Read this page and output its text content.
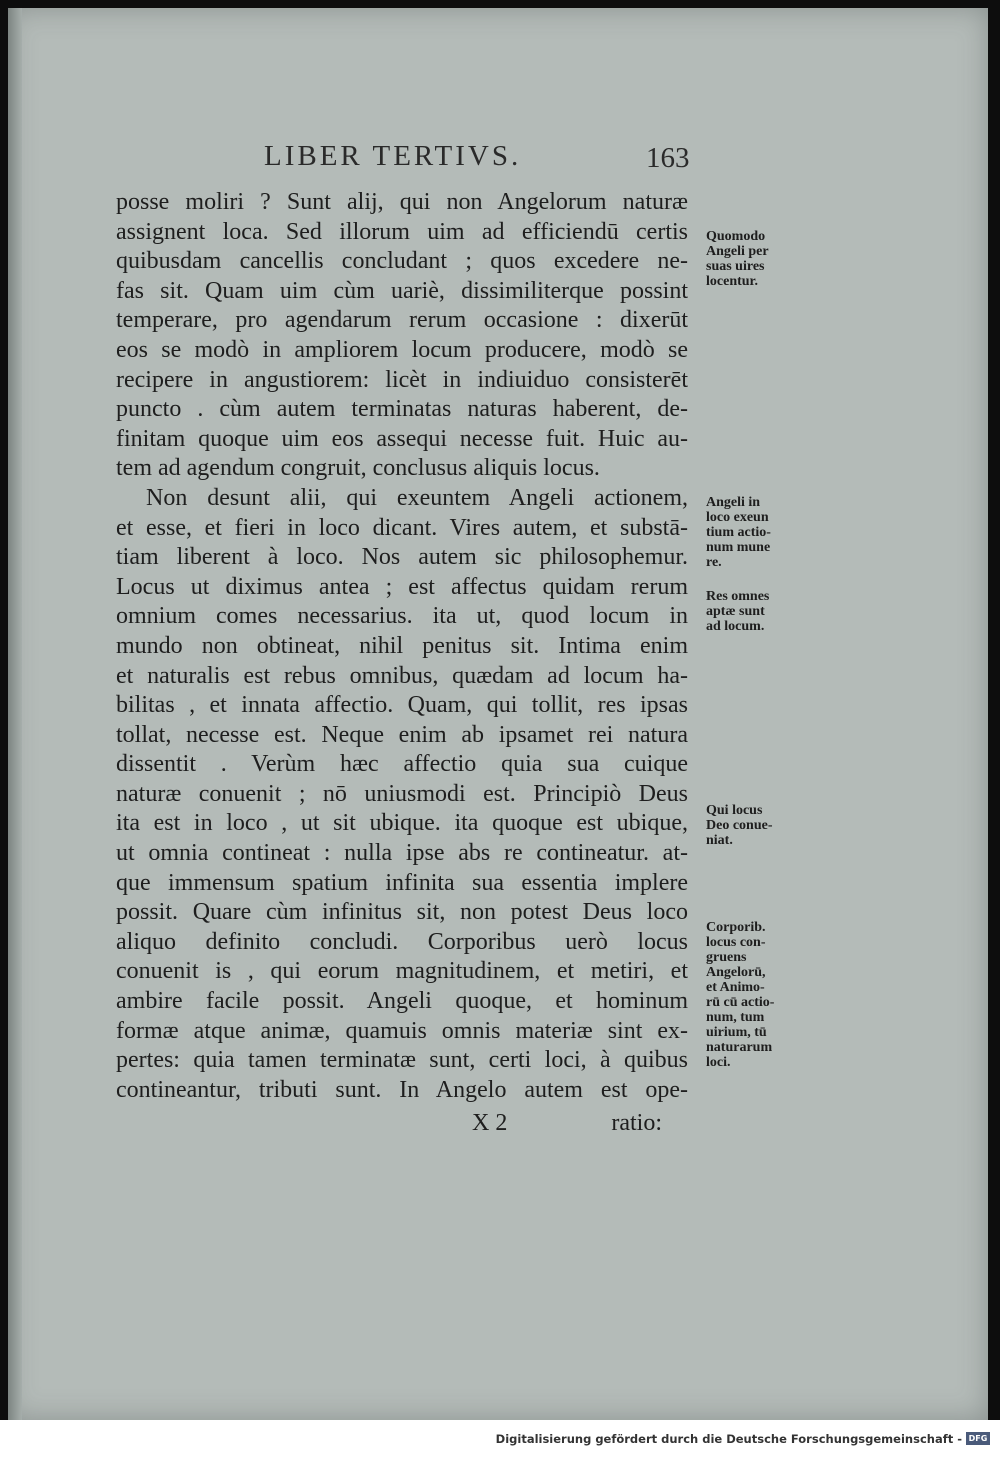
LIBER TERTIVS.	163
posse moliri ? Sunt alij, qui non Angelorum naturæ
assignent loca. Sed illorum uim ad efficiendū certis
quibusdam cancellis concludant ; quos excedere ne-
fas sit. Quam uim cùm uariè, dissimiliterque possint
temperare, pro agendarum rerum occasione : dixerūt
eos se modò in ampliorem locum producere, modò se
recipere in angustiorem: licèt in indiuiduo consisterēt
puncto . cùm autem terminatas naturas haberent, de-
finitam quoque uim eos assequi necesse fuit. Huic au-
tem ad agendum congruit, conclusus aliquis locus.
Non desunt alii, qui exeuntem Angeli actionem,
et esse, et fieri in loco dicant. Vires autem, et substā-
tiam liberent à loco. Nos autem sic philosophemur.
Locus ut diximus antea ; est affectus quidam rerum
omnium comes necessarius. ita ut, quod locum in
mundo non obtineat, nihil penitus sit. Intima enim
et naturalis est rebus omnibus, quædam ad locum ha-
bilitas , et innata affectio. Quam, qui tollit, res ipsas
tollat, necesse est. Neque enim ab ipsamet rei natura
dissentit . Verùm hæc affectio quia sua cuique
naturæ conuenit ; nō uniusmodi est. Principiò Deus
ita est in loco , ut sit ubique. ita quoque est ubique,
ut omnia contineat : nulla ipse abs re contineatur. at-
que immensum spatium infinita sua essentia implere
possit. Quare cùm infinitus sit, non potest Deus loco
aliquo definito concludi. Corporibus uerò locus
conuenit is , qui eorum magnitudinem, et metiri, et
ambire facile possit. Angeli quoque, et hominum
formæ atque animæ, quamuis omnis materiæ sint ex-
pertes: quia tamen terminatæ sunt, certi loci, à quibus
contineantur, tributi sunt. In Angelo autem est ope-
Quomodo
Angeli per
suas uires
locentur.
Angeli in
loco exeun
tium actio-
num mune
re.
Res omnes
aptæ sunt
ad locum.
Qui locus
Deo conue-
niat.
Corporib.
locus con-
gruens
Angelorū,
et Animo-
rū cū actio-
num, tum
uirium, tū
naturarum
loci.
X 2	ratio:
Digitalisierung gefördert durch die Deutsche Forschungsgemeinschaft - DFG
